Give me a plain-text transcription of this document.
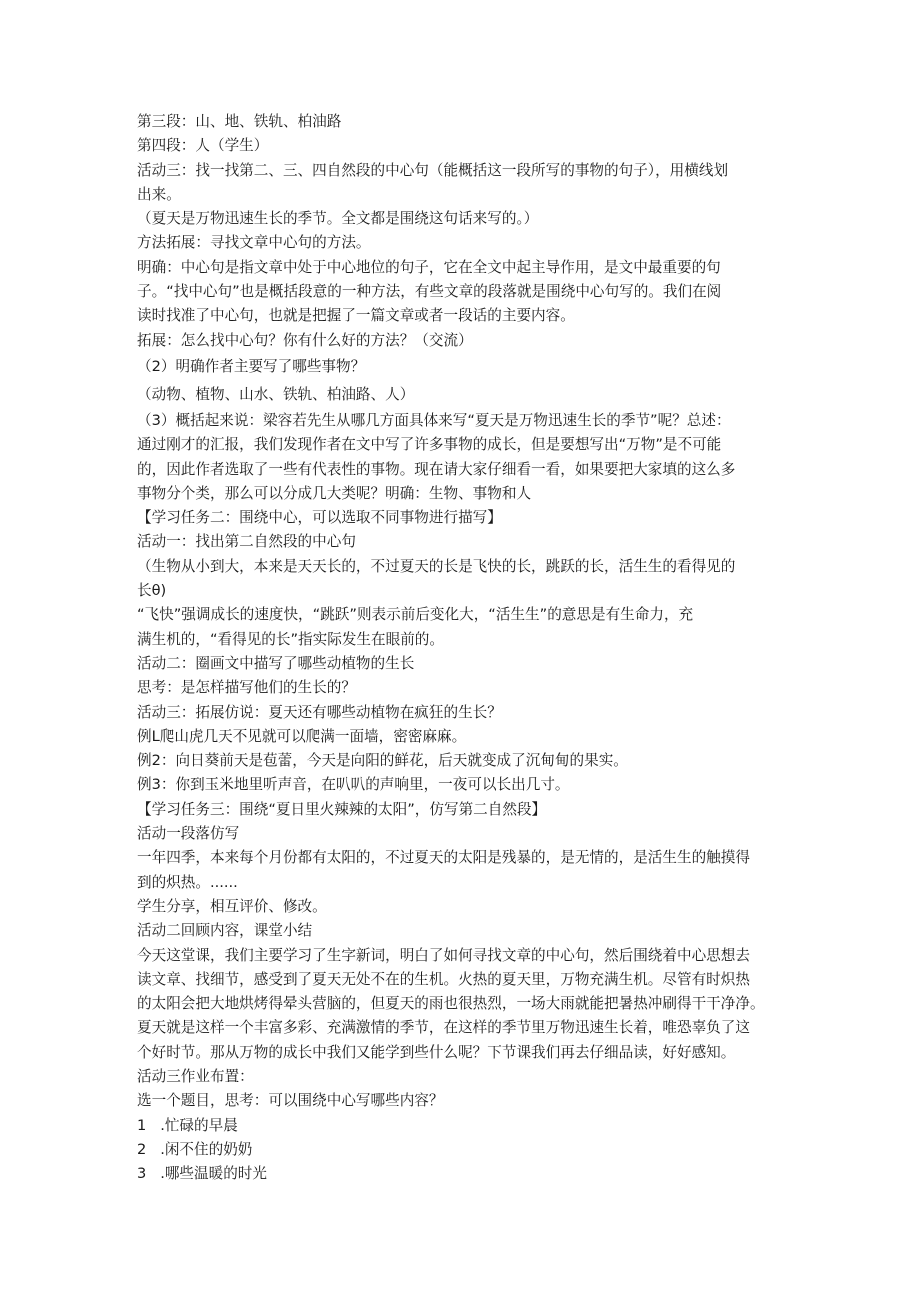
第三段：山、地、铁轨、柏油路
第四段：人（学生）
活动三：找一找第二、三、四自然段的中心句（能概括这一段所写的事物的句子），用横线划
出来。
（夏天是万物迅速生长的季节。全文都是围绕这句话来写的。）
方法拓展：寻找文章中心句的方法。
明确：中心句是指文章中处于中心地位的句子，它在全文中起主导作用，是文中最重要的句
子。“找中心句”也是概括段意的一种方法，有些文章的段落就是围绕中心句写的。我们在阅
读时找准了中心句，也就是把握了一篇文章或者一段话的主要内容。
拓展：怎么找中心句？你有什么好的方法？（交流）
（2）明确作者主要写了哪些事物？
（动物、植物、山水、铁轨、柏油路、人）
（3）概括起来说：梁容若先生从哪几方面具体来写“夏天是万物迅速生长的季节”呢？总述：
通过刚才的汇报，我们发现作者在文中写了许多事物的成长，但是要想写出“万物”是不可能
的，因此作者选取了一些有代表性的事物。现在请大家仔细看一看，如果要把大家填的这么多
事物分个类，那么可以分成几大类呢？明确：生物、事物和人
【学习任务二：围绕中心，可以选取不同事物进行描写】
活动一：找出第二自然段的中心句
（生物从小到大，本来是天天长的，不过夏天的长是飞快的长，跳跃的长，活生生的看得见的
长θ)
“飞快”强调成长的速度快，“跳跃”则表示前后变化大，“活生生”的意思是有生命力，充
满生机的，“看得见的长”指实际发生在眼前的。
活动二：圈画文中描写了哪些动植物的生长
思考：是怎样描写他们的生长的？
活动三：拓展仿说：夏天还有哪些动植物在疯狂的生长？
例L爬山虎几天不见就可以爬满一面墙，密密麻麻。
例2：向日葵前天是苞蕾，今天是向阳的鲜花，后天就变成了沉甸甸的果实。
例3：你到玉米地里听声音，在叭叭的声响里，一夜可以长出几寸。
【学习任务三：围绕“夏日里火辣辣的太阳”，仿写第二自然段】
活动一段落仿写
一年四季，本来每个月份都有太阳的，不过夏天的太阳是残暴的，是无情的，是活生生的触摸得
到的炽热。......
学生分享，相互评价、修改。
活动二回顾内容，课堂小结
今天这堂课，我们主要学习了生字新词，明白了如何寻找文章的中心句，然后围绕着中心思想去
读文章、找细节，感受到了夏天无处不在的生机。火热的夏天里，万物充满生机。尽管有时炽热
的太阳会把大地烘烤得晕头营脑的，但夏天的雨也很热烈，一场大雨就能把暑热冲刷得干干净净。
夏天就是这样一个丰富多彩、充满激情的季节，在这样的季节里万物迅速生长着，唯恐辜负了这
个好时节。那从万物的成长中我们又能学到些什么呢？下节课我们再去仔细品读，好好感知。
活动三作业布置：
选一个题目，思考：可以围绕中心写哪些内容？
1   .忙碌的早晨
2   .闲不住的奶奶
3   .哪些温暖的时光
